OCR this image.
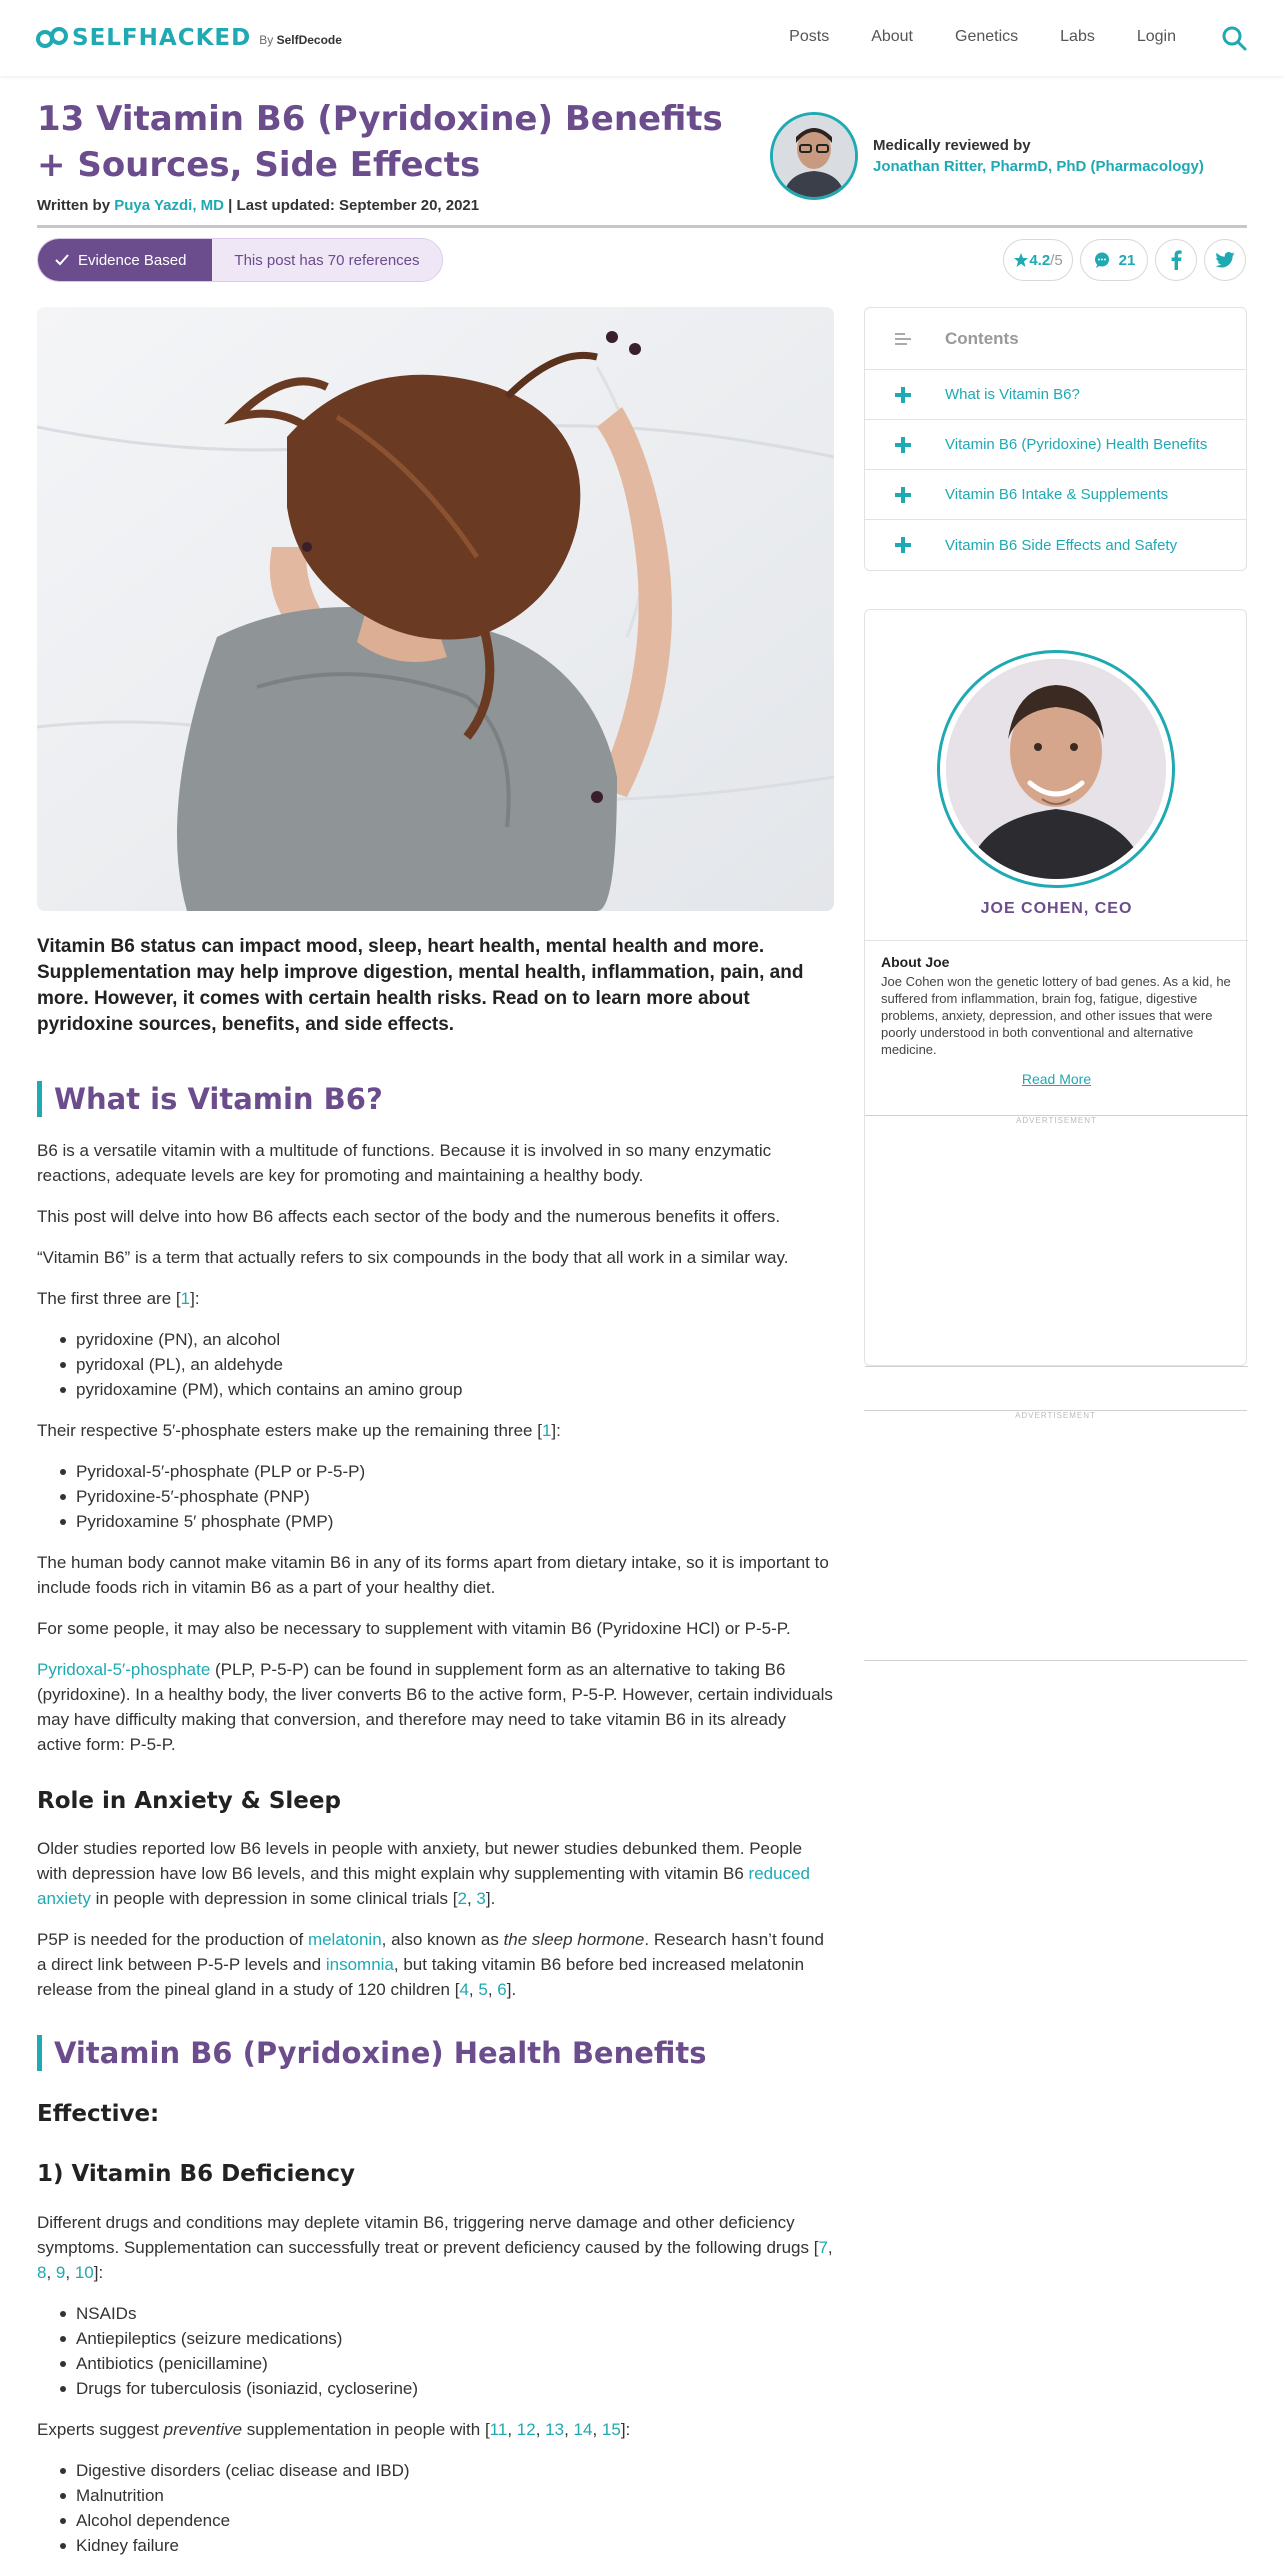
SELFHACKED By SelfDecode	Posts	About	Genetics	Labs	Login
13 Vitamin B6 (Pyridoxine) Benefits + Sources, Side Effects
Written by Puya Yazdi, MD | Last updated: September 20, 2021
Medically reviewed by
Jonathan Ritter, PharmD, PhD (Pharmacology)
Evidence Based	This post has 70 references	4.2 /5	21

Vitamin B6 status can impact mood, sleep, heart health, mental health and more. Supplementation may help improve digestion, mental health, inflammation, pain, and more. However, it comes with certain health risks. Read on to learn more about pyridoxine sources, benefits, and side effects.

What is Vitamin B6?

B6 is a versatile vitamin with a multitude of functions. Because it is involved in so many enzymatic reactions, adequate levels are key for promoting and maintaining a healthy body.

This post will delve into how B6 affects each sector of the body and the numerous benefits it offers.

“Vitamin B6” is a term that actually refers to six compounds in the body that all work in a similar way.

The first three are [1]:

pyridoxine (PN), an alcohol
pyridoxal (PL), an aldehyde
pyridoxamine (PM), which contains an amino group

Their respective 5′-phosphate esters make up the remaining three [1]:

Pyridoxal-5′-phosphate (PLP or P-5-P)
Pyridoxine-5′-phosphate (PNP)
Pyridoxamine 5′ phosphate (PMP)

The human body cannot make vitamin B6 in any of its forms apart from dietary intake, so it is important to include foods rich in vitamin B6 as a part of your healthy diet.

For some people, it may also be necessary to supplement with vitamin B6 (Pyridoxine HCl) or P-5-P.

Pyridoxal-5′-phosphate (PLP, P-5-P) can be found in supplement form as an alternative to taking B6 (pyridoxine). In a healthy body, the liver converts B6 to the active form, P-5-P. However, certain individuals may have difficulty making that conversion, and therefore may need to take vitamin B6 in its already active form: P-5-P.

Role in Anxiety & Sleep

Older studies reported low B6 levels in people with anxiety, but newer studies debunked them. People with depression have low B6 levels, and this might explain why supplementing with vitamin B6 reduced anxiety in people with depression in some clinical trials [2, 3].

P5P is needed for the production of melatonin, also known as the sleep hormone. Research hasn’t found a direct link between P-5-P levels and insomnia, but taking vitamin B6 before bed increased melatonin release from the pineal gland in a study of 120 children [4, 5, 6].

Vitamin B6 (Pyridoxine) Health Benefits
Effective:
1) Vitamin B6 Deficiency

Different drugs and conditions may deplete vitamin B6, triggering nerve damage and other deficiency symptoms. Supplementation can successfully treat or prevent deficiency caused by the following drugs [7, 8, 9, 10]:

NSAIDs
Antiepileptics (seizure medications)
Antibiotics (penicillamine)
Drugs for tuberculosis (isoniazid, cycloserine)

Experts suggest preventive supplementation in people with [11, 12, 13, 14, 15]:

Digestive disorders (celiac disease and IBD)
Malnutrition
Alcohol dependence
Kidney failure
Contents
What is Vitamin B6?
Vitamin B6 (Pyridoxine) Health Benefits
Vitamin B6 Intake & Supplements
Vitamin B6 Side Effects and Safety
JOE COHEN, CEO
About Joe

Joe Cohen won the genetic lottery of bad genes. As a kid, he suffered from inflammation, brain fog, fatigue, digestive problems, anxiety, depression, and other issues that were poorly understood in both conventional and alternative medicine.

Read More
ADVERTISEMENT
ADVERTISEMENT
